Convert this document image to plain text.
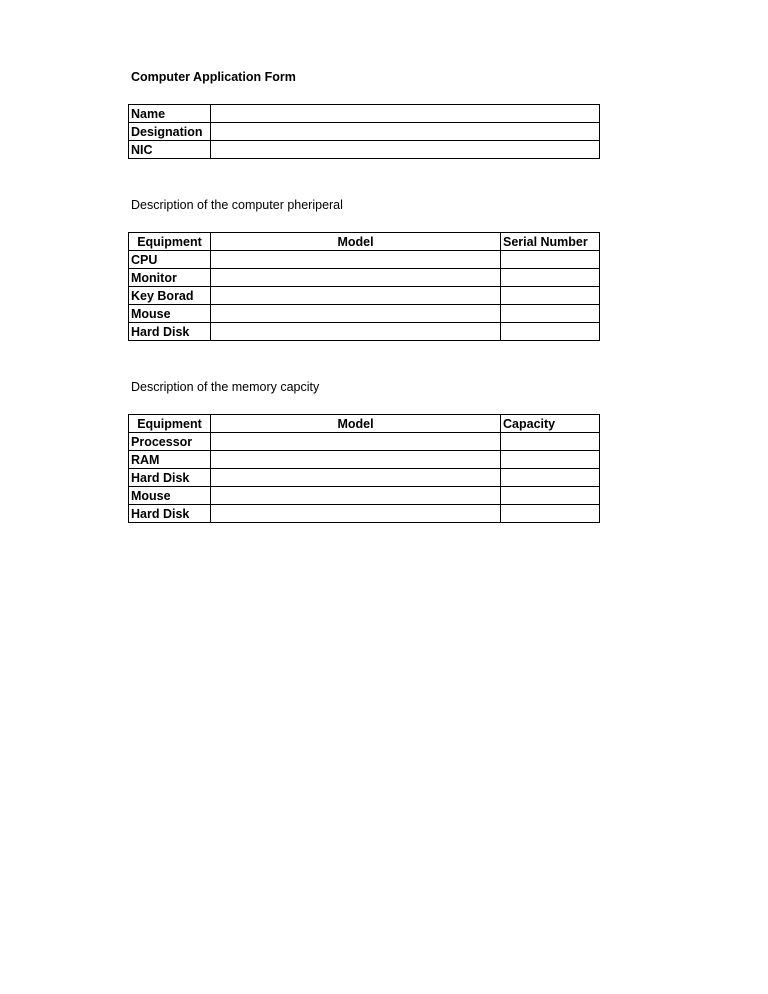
Computer Application Form
Name	
Designation	
NIC	
Description of the computer pheriperal
Equipment	Model	Serial Number
CPU		
Monitor		
Key Borad		
Mouse		
Hard Disk		
Description of the memory capcity
Equipment	Model	Capacity
Processor		
RAM		
Hard Disk		
Mouse		
Hard Disk		
